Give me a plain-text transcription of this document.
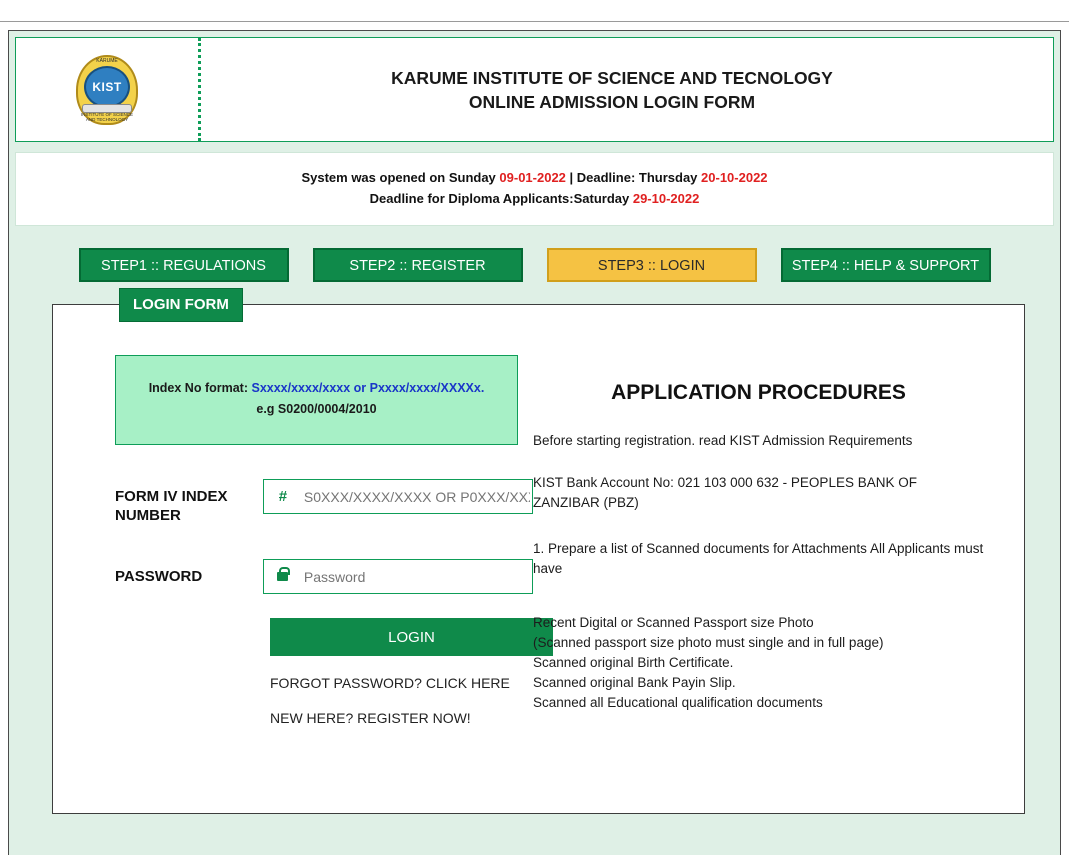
KARUME
KIST
INSTITUTE OF SCIENCE AND TECHNOLOGY
KARUME INSTITUTE OF SCIENCE AND TECNOLOGY
ONLINE ADMISSION LOGIN FORM
System was opened on Sunday 09-01-2022 | Deadline: Thursday 20-10-2022
Deadline for Diploma Applicants:Saturday 29-10-2022
STEP1 :: REGULATIONS	STEP2 :: REGISTER	STEP3 :: LOGIN	STEP4 :: HELP & SUPPORT
LOGIN FORM
Index No format: Sxxxx/xxxx/xxxx or Pxxxx/xxxx/XXXXx.
e.g S0200/0004/2010
FORM IV INDEX NUMBER
#
S0XXX/XXXX/XXXX OR P0XXX/XXXX
PASSWORD
LOGIN
FORGOT PASSWORD? CLICK HERE
NEW HERE? REGISTER NOW!
APPLICATION PROCEDURES
Before starting registration. read KIST Admission Requirements
KIST Bank Account No: 021 103 000 632 - PEOPLES BANK OF ZANZIBAR (PBZ)
1. Prepare a list of Scanned documents for Attachments All Applicants must have
Recent Digital or Scanned Passport size Photo
(Scanned passport size photo must single and in full page)
Scanned original Birth Certificate.
Scanned original Bank Payin Slip.
Scanned all Educational qualification documents
